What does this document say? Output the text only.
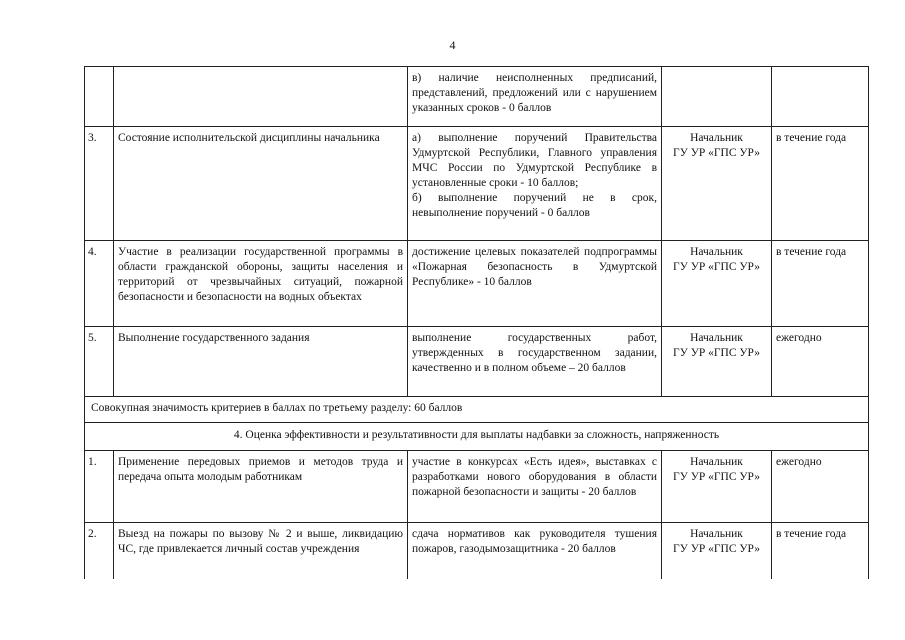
4
		в) наличие неисполненных предписаний, представлений, предложений или с нарушением указанных сроков - 0 баллов		
3.	Состояние исполнительской дисциплины начальника	а) выполнение поручений Правительства Удмуртской Республики, Главного управления МЧС России по Удмуртской Республике в установленные сроки - 10 баллов;
б) выполнение поручений не в срок, невыполнение поручений - 0 баллов	Начальник
ГУ УР «ГПС УР»	в течение года
4.	Участие в реализации государственной программы в области гражданской обороны, защиты населения и территорий от чрезвычайных ситуаций, пожарной безопасности и безопасности на водных объектах	достижение целевых показателей подпрограммы «Пожарная безопасность в Удмуртской Республике» - 10 баллов	Начальник
ГУ УР «ГПС УР»	в течение года
5.	Выполнение государственного задания	выполнение государственных работ, утвержденных в государственном задании, качественно и в полном объеме – 20 баллов	Начальник
ГУ УР «ГПС УР»	ежегодно
Совокупная значимость критериев в баллах по третьему разделу: 60 баллов				
4. Оценка эффективности и результативности для выплаты надбавки за сложность, напряженность				
1.	Применение передовых приемов и методов труда и передача опыта молодым работникам	участие в конкурсах «Есть идея», выставках с разработками нового оборудования в области пожарной безопасности и защиты - 20 баллов	Начальник
ГУ УР «ГПС УР»	ежегодно
2.	Выезд на пожары по вызову № 2 и выше, ликвидацию ЧС, где привлекается личный состав учреждения	сдача нормативов как руководителя тушения пожаров, газодымозащитника - 20 баллов	Начальник
ГУ УР «ГПС УР»	в течение года
